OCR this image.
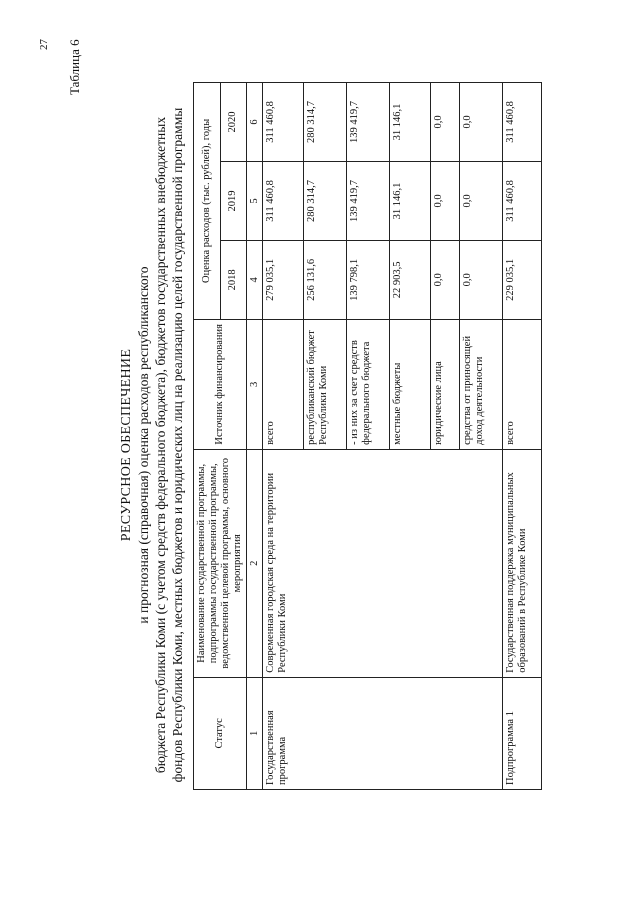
27 Таблица 6
РЕСУРСНОЕ ОБЕСПЕЧЕНИЕ и прогнозная (справочная) оценка расходов республиканского бюджета Республики Коми (с учетом средств федерального бюджета), бюджетов государственных внебюджетных фондов Республики Коми, местных бюджетов и юридических лиц на реализацию целей государственной программы	Статус	Наименование государственной программы, подпрограммы государственной программы, ведомственной целевой программы, основного мероприятия	Источник финансирования	Оценка расходов (тыс. рублей), годы		
			2018	2019	2020
1	2	3	4	5	6
Государственная программа	Современная городская среда на территории Республики Коми	всего	279 035,1	311 460,8	311 460,8
		республиканский бюджет Республики Коми	256 131,6	280 314,7	280 314,7
		- из них за счет средств федерального бюджета	139 798,1	139 419,7	139 419,7
		местные бюджеты	22 903,5	31 146,1	31 146,1
		юридические лица	0,0	0,0	0,0
		средства от приносящей доход деятельности	0,0	0,0	0,0
Подпрограмма 1	Государственная поддержка муниципальных образований в Республике Коми	всего	229 035,1	311 460,8	311 460,8
